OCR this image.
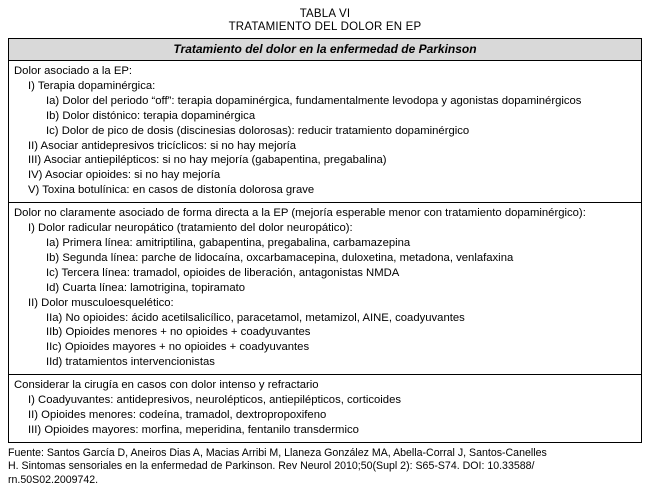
TABLA VI
TRATAMIENTO DEL DOLOR EN EP
Tratamiento del dolor en la enfermedad de Parkinson
Dolor asociado a la EP:
I) Terapia dopaminérgica:
Ia) Dolor del periodo “off”: terapia dopaminérgica, fundamentalmente levodopa y agonistas dopaminérgicos
Ib) Dolor distónico: terapia dopaminérgica
Ic) Dolor de pico de dosis (discinesias dolorosas): reducir tratamiento dopaminérgico
II) Asociar antidepresivos tricíclicos: si no hay mejoría
III) Asociar antiepilépticos: si no hay mejoría (gabapentina, pregabalina)
IV) Asociar opioides: si no hay mejoría
V) Toxina botulínica: en casos de distonía dolorosa grave
Dolor no claramente asociado de forma directa a la EP (mejoría esperable menor con tratamiento dopaminérgico):
I) Dolor radicular neuropático (tratamiento del dolor neuropático):
Ia) Primera línea: amitriptilina, gabapentina, pregabalina, carbamazepina
Ib) Segunda línea: parche de lidocaína, oxcarbamacepina, duloxetina, metadona, venlafaxina
Ic) Tercera línea: tramadol, opioides de liberación, antagonistas NMDA
Id) Cuarta línea: lamotrigina, topiramato
II) Dolor musculoesquelético:
IIa) No opioides: ácido acetilsalicílico, paracetamol, metamizol, AINE, coadyuvantes
IIb) Opioides menores + no opioides + coadyuvantes
IIc) Opioides mayores + no opioides + coadyuvantes
IId) tratamientos intervencionistas
Considerar la cirugía en casos con dolor intenso y refractario
I) Coadyuvantes: antidepresivos, neurolépticos, antiepilépticos, corticoides
II) Opioides menores: codeína, tramadol, dextropropoxifeno
III) Opioides mayores: morfina, meperidina, fentanilo transdermico
Fuente: Santos García D, Aneiros Dias A, Macias Arribi M, Llaneza González MA, Abella-Corral J, Santos-Canelles
H. Sintomas sensoriales en la enfermedad de Parkinson. Rev Neurol 2010;50(Supl 2): S65-S74. DOI: 10.33588/
rn.50S02.2009742.
